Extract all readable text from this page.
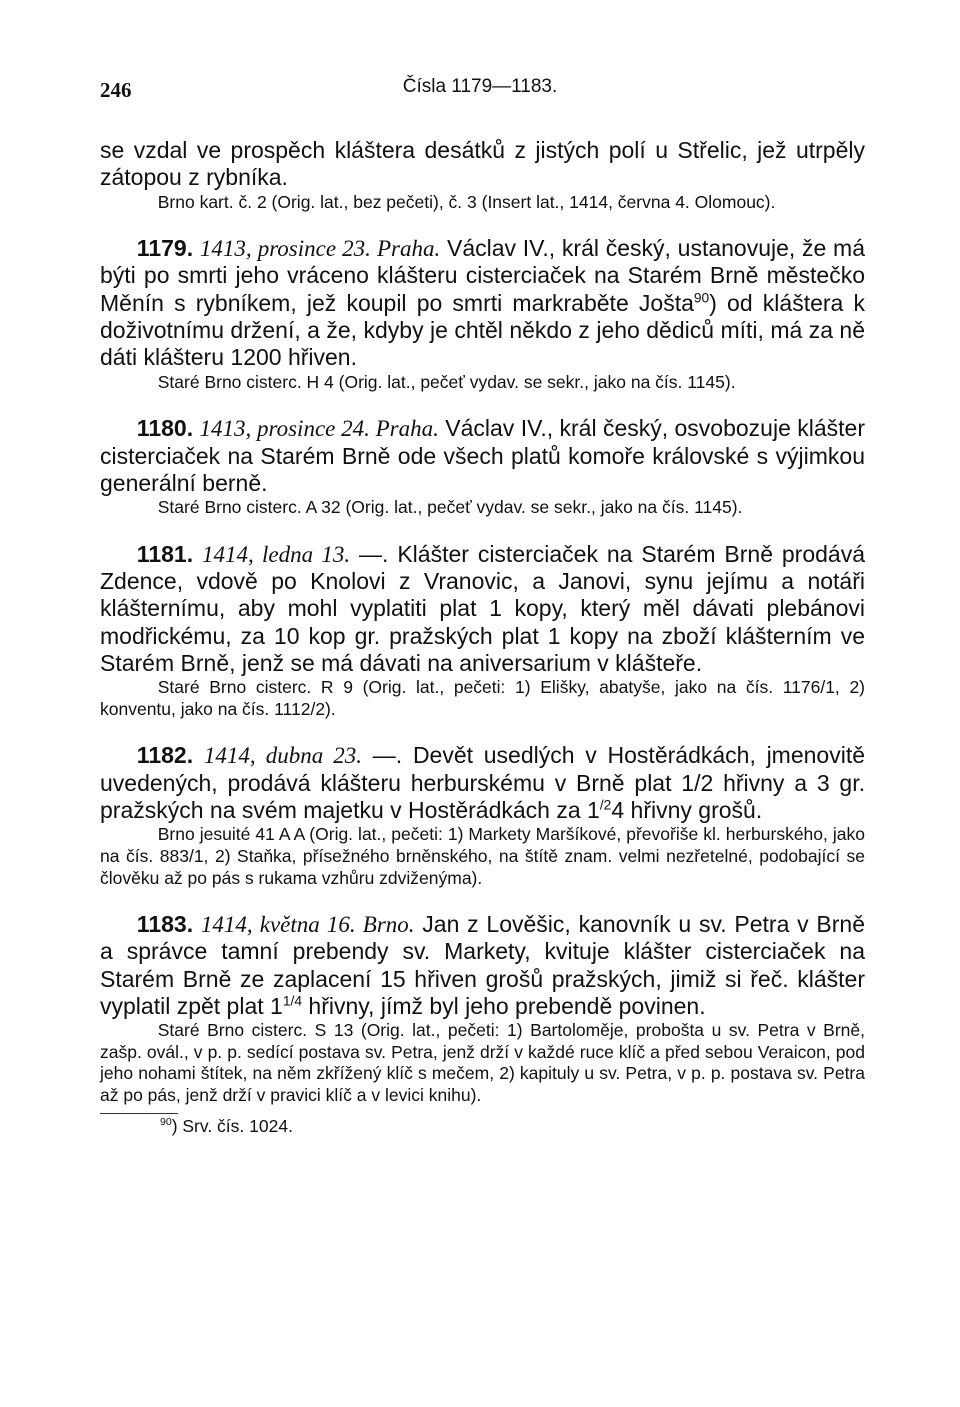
246	Čísla 1179—1183.

se vzdal ve prospěch kláštera desátků z jistých polí u Střelic, jež utrpěly zátopou z rybníka.

Brno kart. č. 2 (Orig. lat., bez pečeti), č. 3 (Insert lat., 1414, června 4. Olomouc).

1179. 1413, prosince 23. Praha. Václav IV., král český, ustanovuje, že má býti po smrti jeho vráceno klášteru cisterciaček na Starém Brně městečko Měnín s rybníkem, jež koupil po smrti markraběte Jošta$^{90}$) od kláštera k doživotnímu držení, a že, kdyby je chtěl někdo z jeho dědiců míti, má za ně dáti klášteru 1200 hřiven.

Staré Brno cisterc. H 4 (Orig. lat., pečeť vydav. se sekr., jako na čís. 1145).

1180. 1413, prosince 24. Praha. Václav IV., král český, osvobozuje klášter cisterciaček na Starém Brně ode všech platů komoře královské s výjimkou generální berně.

Staré Brno cisterc. A 32 (Orig. lat., pečeť vydav. se sekr., jako na čís. 1145).

1181. 1414, ledna 13. —. Klášter cisterciaček na Starém Brně prodává Zdence, vdově po Knolovi z Vranovic, a Janovi, synu jejímu a notáři klášternímu, aby mohl vyplatiti plat 1 kopy, který měl dávati plebánovi modřickému, za 10 kop gr. pražských plat 1 kopy na zboží klášterním ve Starém Brně, jenž se má dávati na aniversarium v klášteře.

Staré Brno cisterc. R 9 (Orig. lat., pečeti: 1) Elišky, abatyše, jako na čís. 1176/1, 2) konventu, jako na čís. 1112/2).

1182. 1414, dubna 23. —. Devět usedlých v Hostěrádkách, jmenovitě uvedených, prodává klášteru herburskému v Brně plat 1/2 hřivny a 3 gr. pražských na svém majetku v Hostěrádkách za $1^{/2}4$ hřivny grošů.

Brno jesuité 41 A A (Orig. lat., pečeti: 1) Markety Maršíkové, převořiše kl. herburského, jako na čís. 883/1, 2) Staňka, přísežného brněnského, na štítě znam. velmi nezřetelné, podobající se člověku až po pás s rukama vzhůru zdviženýma).

1183. 1414, května 16. Brno. Jan z Lověšic, kanovník u sv. Petra v Brně a správce tamní prebendy sv. Markety, kvituje klášter cisterciaček na Starém Brně ze zaplacení 15 hřiven grošů pražských, jimiž si řeč. klášter vyplatil zpět plat $1^{1/4}$ hřivny, jímž byl jeho prebendě povinen.

Staré Brno cisterc. S 13 (Orig. lat., pečeti: 1) Bartolomějе, probošta u sv. Petra v Brně, zašp. ovál., v p. p. sedící postava sv. Petra, jenž drží v každé ruce klíč a před sebou Veraicon, pod jeho nohami štítek, na něm zkřížený klíč s mečem, 2) kapituly u sv. Petra, v p. p. postava sv. Petra až po pás, jenž drží v pravici klíč a v levici knihu).

$^{90}$) Srv. čís. 1024.
